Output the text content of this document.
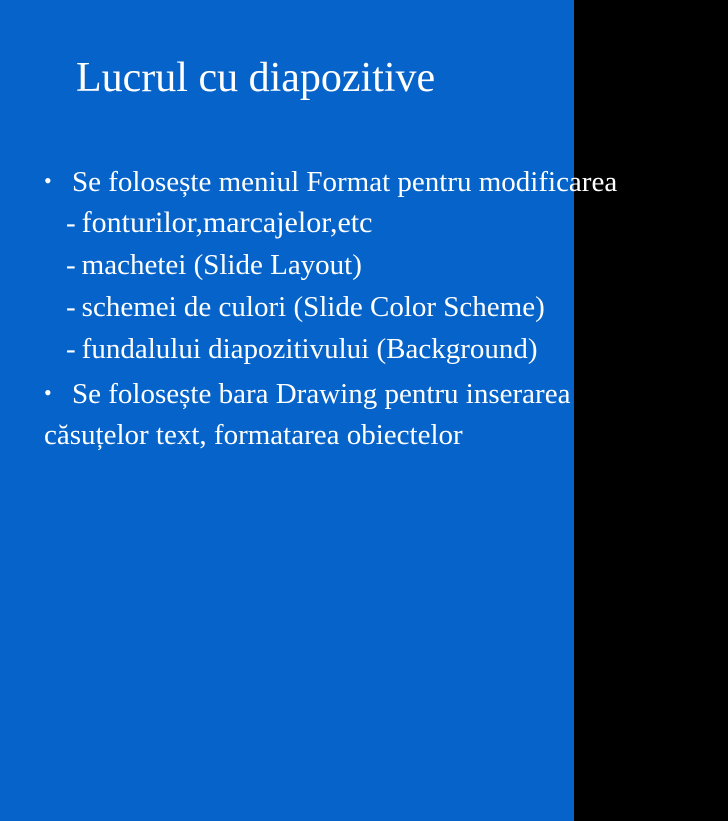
Lucrul cu diapozitive
• Se folosește meniul Format pentru modificarea
- fonturilor,marcajelor,etc
- machetei (Slide Layout)
- schemei de culori (Slide Color Scheme)
- fundalului diapozitivului (Background)
• Se folosește bara Drawing pentru inserarea
căsuțelor text, formatarea obiectelor
